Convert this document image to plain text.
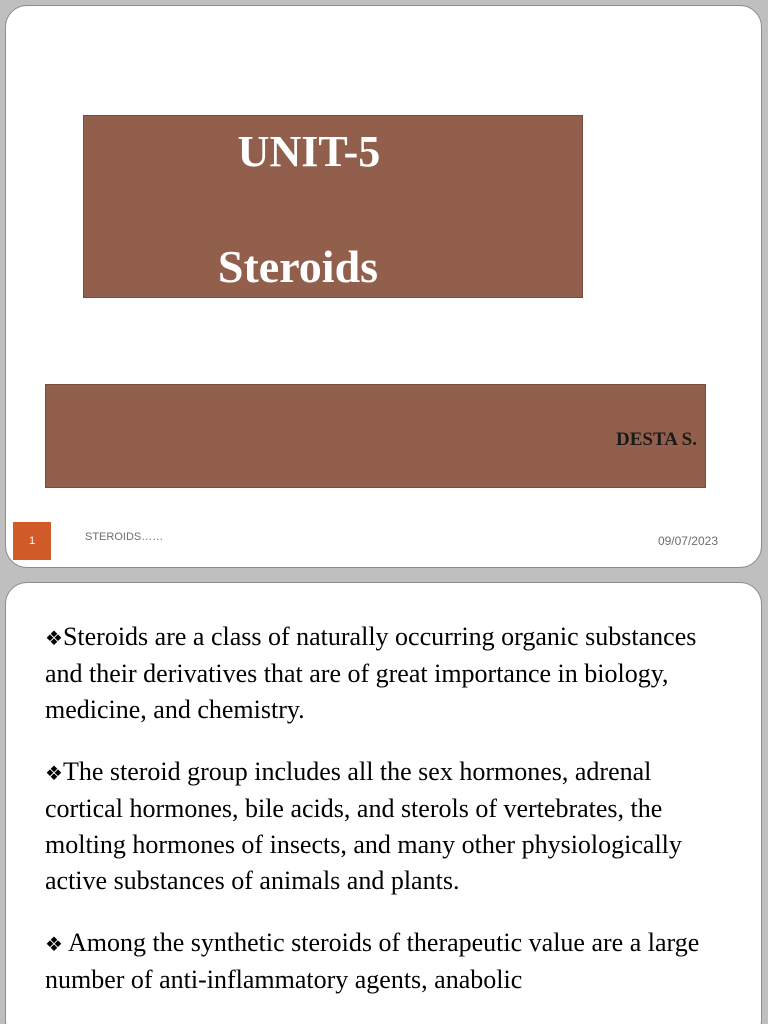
UNIT-5
Steroids
DESTA S.
1	STEROIDS……	09/07/2023

❖Steroids are a class of naturally occurring organic substances and their derivatives that are of great importance in biology, medicine, and chemistry.

❖The steroid group includes all the sex hormones, adrenal cortical hormones, bile acids, and sterols of vertebrates, the molting hormones of insects, and many other physiologically active substances of animals and plants.

❖ Among the synthetic steroids of therapeutic value are a large number of anti-inflammatory agents, anabolic
